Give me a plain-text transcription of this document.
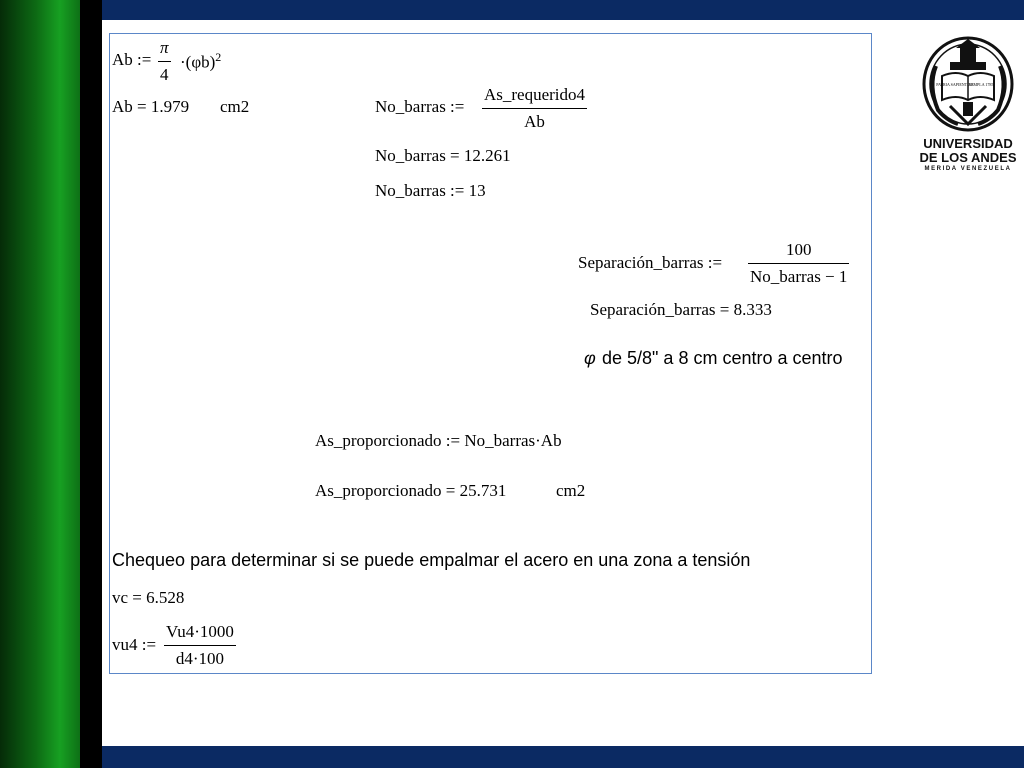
Ab := $\frac{\pi}{4} \cdot(\varphi b)^2$
Ab = 1.979 cm2	No_barras :=
As_requerido4
Ab
No_barras = 12.261
No_barras := 13
Separación_barras :=
100
No_barras − 1
Separación_barras = 8.333
φ de 5/8" a 8 cm centro a centro
As_proporcionado := No_barras·Ab
As_proporcionado = 25.731	cm2
Chequeo para determinar si se puede empalmar el acero en una zona a tensión
vc = 6.528
vu4 := $\frac{Vu4\cdot 1000}{d4\cdot 100}$
PATRIA SAPIENTIAE
TEMPLA 1785
UNIVERSIDAD
DE LOS ANDES
MERIDA VENEZUELA
